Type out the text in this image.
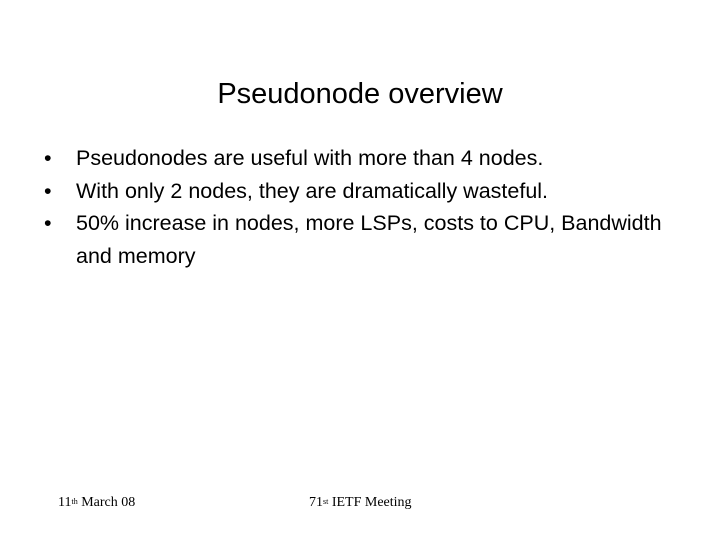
Pseudonode overview
• Pseudonodes are useful with more than 4 nodes.
• With only 2 nodes, they are dramatically wasteful.
• 50% increase in nodes, more LSPs, costs to CPU, Bandwidth and memory
11th March 08	71st IETF Meeting
